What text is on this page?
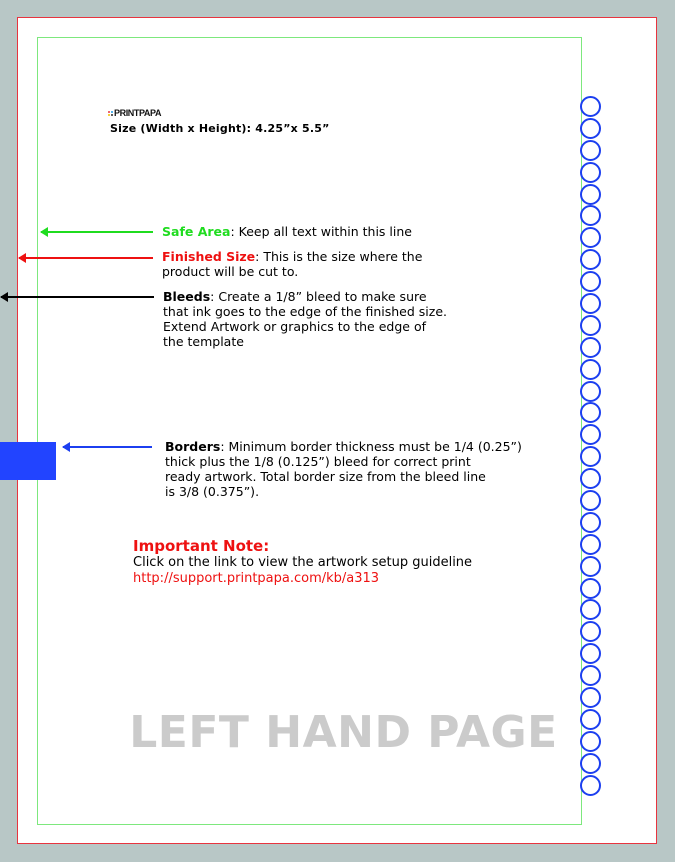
PRINTPAPA
Size (Width x Height): 4.25”x 5.5”
Safe Area: Keep all text within this line
Finished Size: This is the size where the
product will be cut to.
Bleeds: Create a 1/8” bleed to make sure
that ink goes to the edge of the finished size.
Extend Artwork or graphics to the edge of
the template
Borders: Minimum border thickness must be 1/4 (0.25”)
thick plus the 1/8 (0.125”) bleed for correct print
ready artwork. Total border size from the bleed line
is 3/8 (0.375”).
Important Note:
Click on the link to view the artwork setup guideline
http://support.printpapa.com/kb/a313
LEFT HAND PAGE
